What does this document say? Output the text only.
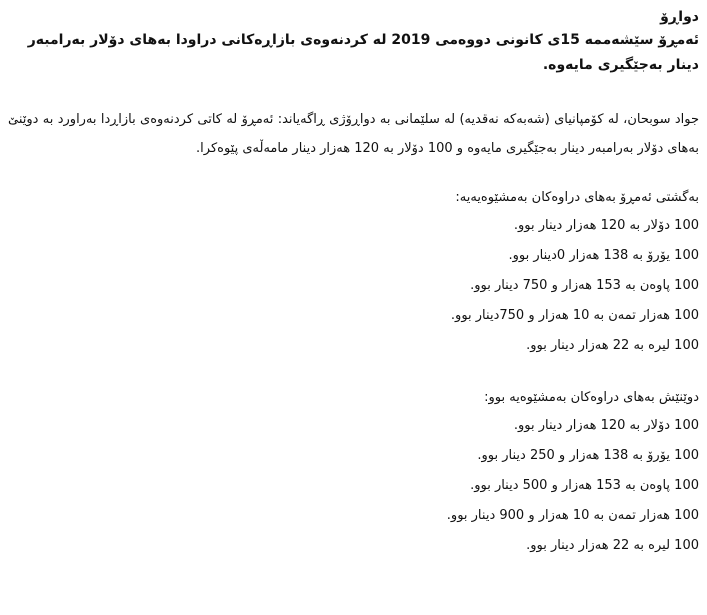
دواڕۆ
ئەمڕۆ سێشەممە 15ی کانونی دووەمی 2019 لە کردنەوەی بازاڕەکانی دراودا بەهای دۆلار بەرامبەر دینار بەجێگیری مایەوە.
جواد سوبحان، لە کۆمپانیای (شەبەکە نەقدیە) لە سلێمانی بە دواڕۆژی ڕاگەیاند: ئەمڕۆ لە کاتی کردنەوەی بازاڕدا بەراورد بە دوێنێ بەهای دۆلار بەرامبەر دینار بەجێگیری مایەوە و 100 دۆلار بە 120 هەزار دینار مامەڵەی پێوەکرا.
بەگشتی ئەمڕۆ بەهای دراوەکان بەمشێوەیەیە:
100 دۆلار بە 120 هەزار دینار بوو.
100 یۆرۆ بە 138 هەزار 0دینار بوو.
100 پاوەن بە 153 هەزار و 750 دینار بوو.
100 هەزار تمەن بە 10 هەزار و 750دینار بوو.
100 لیرە بە 22 هەزار دینار بوو.
دوێنێش بەهای دراوەکان بەمشێوەیە بوو:
100 دۆلار بە 120 هەزار دینار بوو.
100 یۆرۆ بە 138 هەزار و 250 دینار بوو.
100 پاوەن بە 153 هەزار و 500 دینار بوو.
100 هەزار تمەن بە 10 هەزار و 900 دینار بوو.
100 لیرە بە 22 هەزار دینار بوو.
